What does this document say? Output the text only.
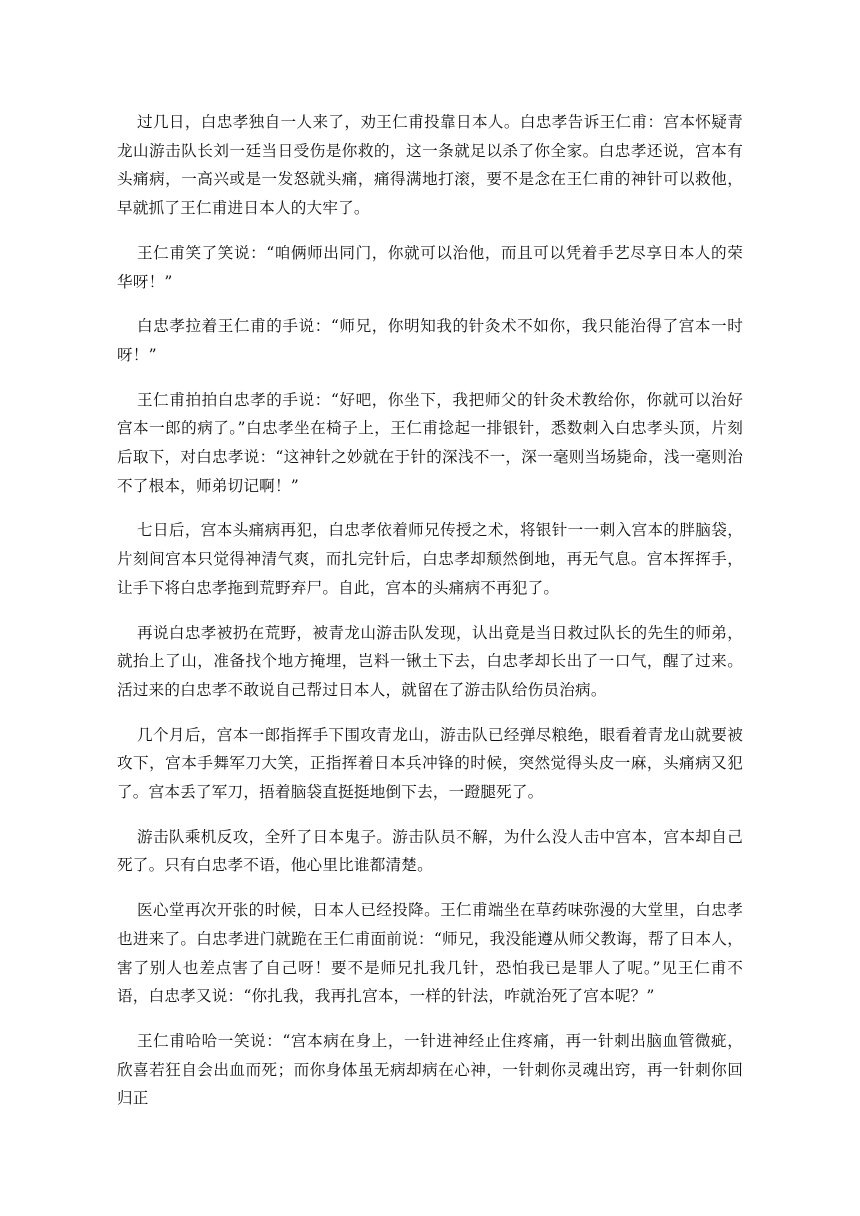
过几日，白忠孝独自一人来了，劝王仁甫投靠日本人。白忠孝告诉王仁甫：宫本怀疑青龙山游击队长刘一廷当日受伤是你救的，这一条就足以杀了你全家。白忠孝还说，宫本有头痛病，一高兴或是一发怒就头痛，痛得满地打滚，要不是念在王仁甫的神针可以救他，早就抓了王仁甫进日本人的大牢了。

王仁甫笑了笑说：“咱俩师出同门，你就可以治他，而且可以凭着手艺尽享日本人的荣华呀！”

白忠孝拉着王仁甫的手说：“师兄，你明知我的针灸术不如你，我只能治得了宫本一时呀！”

王仁甫拍拍白忠孝的手说：“好吧，你坐下，我把师父的针灸术教给你，你就可以治好宫本一郎的病了。”白忠孝坐在椅子上，王仁甫捻起一排银针，悉数刺入白忠孝头顶，片刻后取下，对白忠孝说：“这神针之妙就在于针的深浅不一，深一毫则当场毙命，浅一毫则治不了根本，师弟切记啊！”

七日后，宫本头痛病再犯，白忠孝依着师兄传授之术，将银针一一刺入宫本的胖脑袋，片刻间宫本只觉得神清气爽，而扎完针后，白忠孝却颓然倒地，再无气息。宫本挥挥手，让手下将白忠孝拖到荒野弃尸。自此，宫本的头痛病不再犯了。

再说白忠孝被扔在荒野，被青龙山游击队发现，认出竟是当日救过队长的先生的师弟，就抬上了山，准备找个地方掩埋，岂料一锹土下去，白忠孝却长出了一口气，醒了过来。活过来的白忠孝不敢说自己帮过日本人，就留在了游击队给伤员治病。

几个月后，宫本一郎指挥手下围攻青龙山，游击队已经弹尽粮绝，眼看着青龙山就要被攻下，宫本手舞军刀大笑，正指挥着日本兵冲锋的时候，突然觉得头皮一麻，头痛病又犯了。宫本丢了军刀，捂着脑袋直挺挺地倒下去，一蹬腿死了。

游击队乘机反攻，全歼了日本鬼子。游击队员不解，为什么没人击中宫本，宫本却自己死了。只有白忠孝不语，他心里比谁都清楚。

医心堂再次开张的时候，日本人已经投降。王仁甫端坐在草药味弥漫的大堂里，白忠孝也进来了。白忠孝进门就跪在王仁甫面前说：“师兄，我没能遵从师父教诲，帮了日本人，害了别人也差点害了自己呀！要不是师兄扎我几针，恐怕我已是罪人了呢。”见王仁甫不语，白忠孝又说：“你扎我，我再扎宫本，一样的针法，咋就治死了宫本呢？”

王仁甫哈哈一笑说：“宫本病在身上，一针进神经止住疼痛，再一针刺出脑血管微疵，欣喜若狂自会出血而死；而你身体虽无病却病在心神，一针刺你灵魂出窍，再一针刺你回归正
